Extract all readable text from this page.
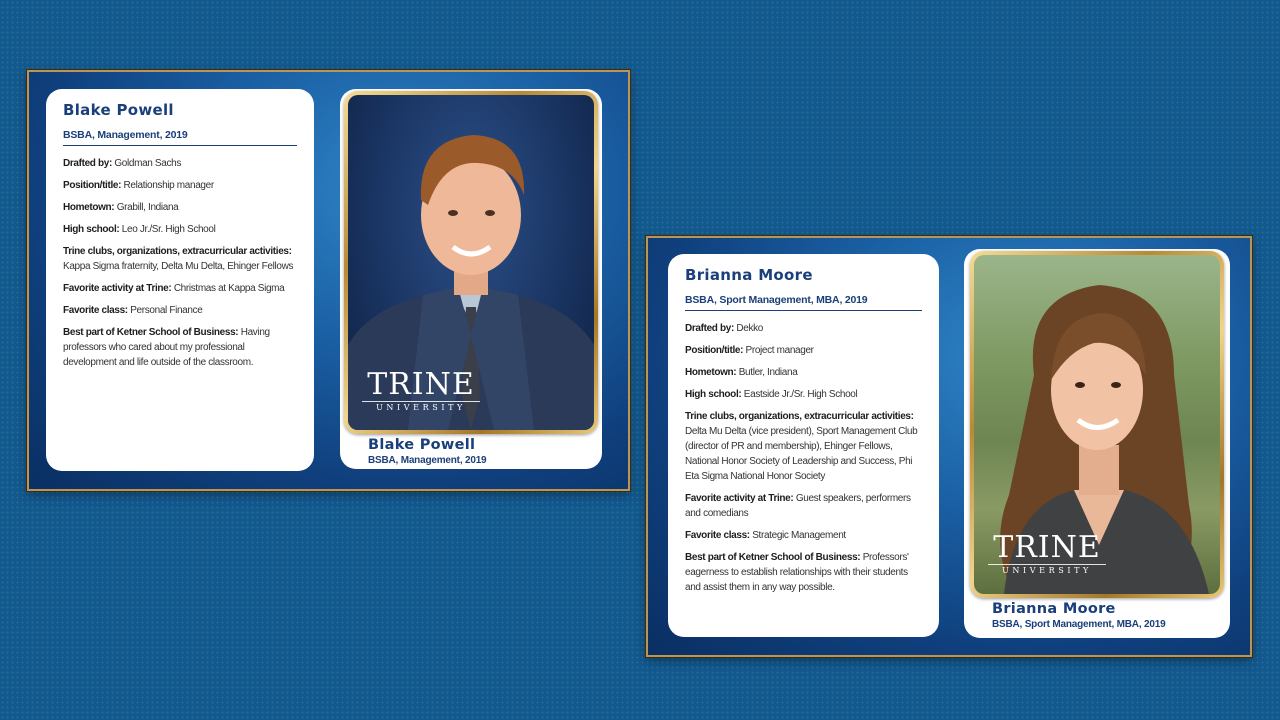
Blake Powell
BSBA, Management, 2019
Drafted by: Goldman Sachs
Position/title: Relationship manager
Hometown: Grabill, Indiana
High school: Leo Jr./Sr. High School
Trine clubs, organizations, extracurricular activities:
Kappa Sigma fraternity, Delta Mu Delta, Ehinger Fellows
Favorite activity at Trine: Christmas at Kappa Sigma
Favorite class: Personal Finance
Best part of Ketner School of Business: Having professors who cared about my professional development and life outside of the classroom.
TRINE
UNIVERSITY
Blake Powell
BSBA, Management, 2019
Brianna Moore
BSBA, Sport Management, MBA, 2019
Drafted by: Dekko
Position/title: Project manager
Hometown: Butler, Indiana
High school: Eastside Jr./Sr. High School
Trine clubs, organizations, extracurricular activities:
Delta Mu Delta (vice president), Sport Management Club (director of PR and membership), Ehinger Fellows, National Honor Society of Leadership and Success, Phi Eta Sigma National Honor Society
Favorite activity at Trine: Guest speakers, performers and comedians
Favorite class: Strategic Management
Best part of Ketner School of Business: Professors' eagerness to establish relationships with their students and assist them in any way possible.
TRINE
UNIVERSITY
Brianna Moore
BSBA, Sport Management, MBA, 2019
